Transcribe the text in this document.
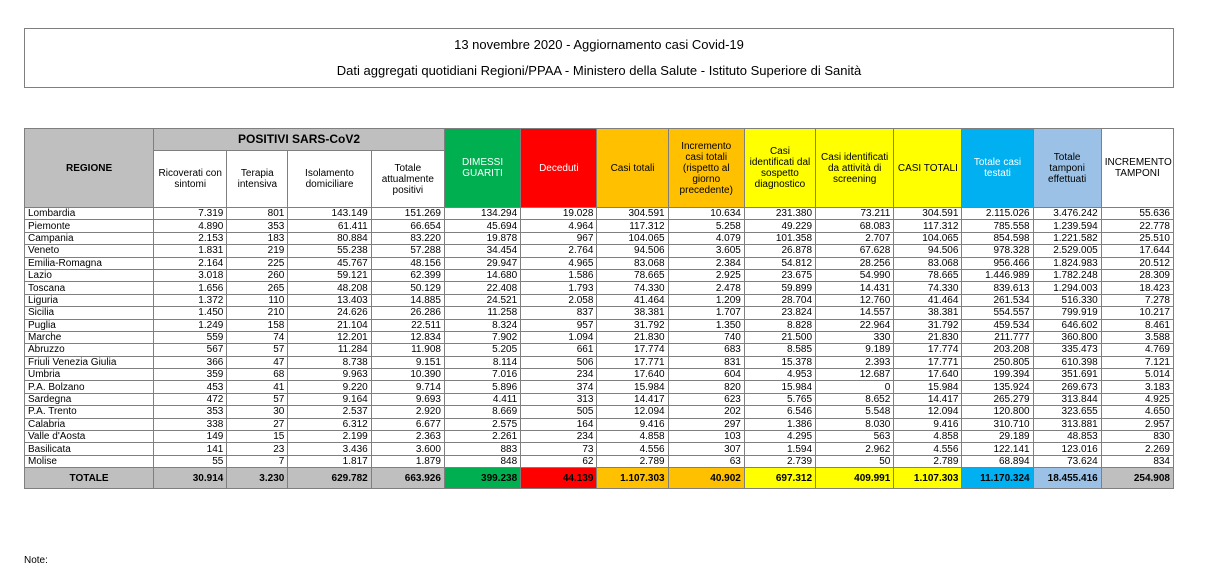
13 novembre 2020 - Aggiornamento casi Covid-19
Dati aggregati quotidiani Regioni/PPAA - Ministero della Salute - Istituto Superiore di Sanità
REGIONE	POSITIVI SARS-CoV2				DIMESSI GUARITI	Deceduti	Casi totali	Incremento casi totali (rispetto al giorno precedente)	Casi identificati dal sospetto diagnostico	Casi identificati da attività di screening	CASI TOTALI	Totale casi testati	Totale tamponi effettuati	INCREMENTO TAMPONI
	Ricoverati con sintomi	Terapia intensiva	Isolamento domiciliare	Totale attualmente positivi										
Lombardia	7.319	801	143.149	151.269	134.294	19.028	304.591	10.634	231.380	73.211	304.591	2.115.026	3.476.242	55.636
Piemonte	4.890	353	61.411	66.654	45.694	4.964	117.312	5.258	49.229	68.083	117.312	785.558	1.239.594	22.778
Campania	2.153	183	80.884	83.220	19.878	967	104.065	4.079	101.358	2.707	104.065	854.598	1.221.582	25.510
Veneto	1.831	219	55.238	57.288	34.454	2.764	94.506	3.605	26.878	67.628	94.506	978.328	2.529.005	17.644
Emilia-Romagna	2.164	225	45.767	48.156	29.947	4.965	83.068	2.384	54.812	28.256	83.068	956.466	1.824.983	20.512
Lazio	3.018	260	59.121	62.399	14.680	1.586	78.665	2.925	23.675	54.990	78.665	1.446.989	1.782.248	28.309
Toscana	1.656	265	48.208	50.129	22.408	1.793	74.330	2.478	59.899	14.431	74.330	839.613	1.294.003	18.423
Liguria	1.372	110	13.403	14.885	24.521	2.058	41.464	1.209	28.704	12.760	41.464	261.534	516.330	7.278
Sicilia	1.450	210	24.626	26.286	11.258	837	38.381	1.707	23.824	14.557	38.381	554.557	799.919	10.217
Puglia	1.249	158	21.104	22.511	8.324	957	31.792	1.350	8.828	22.964	31.792	459.534	646.602	8.461
Marche	559	74	12.201	12.834	7.902	1.094	21.830	740	21.500	330	21.830	211.777	360.800	3.588
Abruzzo	567	57	11.284	11.908	5.205	661	17.774	683	8.585	9.189	17.774	203.208	335.473	4.769
Friuli Venezia Giulia	366	47	8.738	9.151	8.114	506	17.771	831	15.378	2.393	17.771	250.805	610.398	7.121
Umbria	359	68	9.963	10.390	7.016	234	17.640	604	4.953	12.687	17.640	199.394	351.691	5.014
P.A. Bolzano	453	41	9.220	9.714	5.896	374	15.984	820	15.984	0	15.984	135.924	269.673	3.183
Sardegna	472	57	9.164	9.693	4.411	313	14.417	623	5.765	8.652	14.417	265.279	313.844	4.925
P.A. Trento	353	30	2.537	2.920	8.669	505	12.094	202	6.546	5.548	12.094	120.800	323.655	4.650
Calabria	338	27	6.312	6.677	2.575	164	9.416	297	1.386	8.030	9.416	310.710	313.881	2.957
Valle d'Aosta	149	15	2.199	2.363	2.261	234	4.858	103	4.295	563	4.858	29.189	48.853	830
Basilicata	141	23	3.436	3.600	883	73	4.556	307	1.594	2.962	4.556	122.141	123.016	2.269
Molise	55	7	1.817	1.879	848	62	2.789	63	2.739	50	2.789	68.894	73.624	834
TOTALE	30.914	3.230	629.782	663.926	399.238	44.139	1.107.303	40.902	697.312	409.991	1.107.303	11.170.324	18.455.416	254.908
Note:
